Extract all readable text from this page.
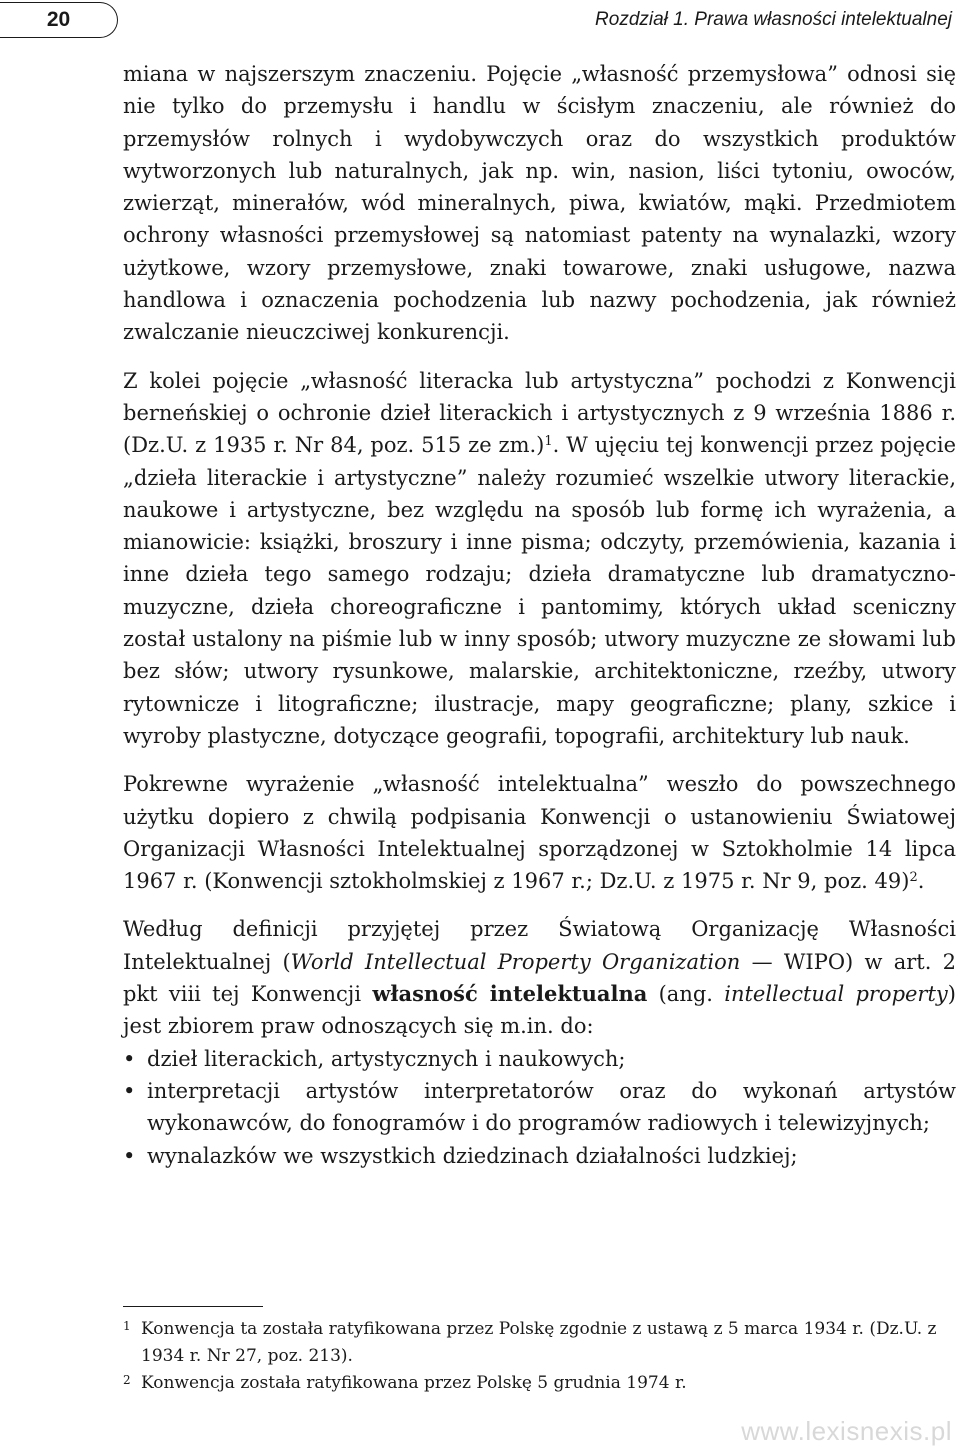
20	Rozdział 1. Prawa własności intelektualnej

miana w najszerszym znaczeniu. Pojęcie „własność przemysłowa” odnosi się nie tylko do przemysłu i handlu w ścisłym znaczeniu, ale również do przemysłów rolnych i wydobywczych oraz do wszystkich produktów wytworzonych lub naturalnych, jak np. win, nasion, liści tytoniu, owoców, zwierząt, minerałów, wód mineralnych, piwa, kwiatów, mąki. Przedmiotem ochrony własności przemysłowej są natomiast patenty na wynalazki, wzory użytkowe, wzory przemysłowe, znaki towarowe, znaki usługowe, nazwa handlowa i oznaczenia pochodzenia lub nazwy pochodzenia, jak również zwalczanie nieuczciwej konkurencji.

Z kolei pojęcie „własność literacka lub artystyczna” pochodzi z Konwencji berneńskiej o ochronie dzieł literackich i artystycznych z 9 września 1886 r. (Dz.U. z 1935 r. Nr 84, poz. 515 ze zm.)$^1$. W ujęciu tej konwencji przez pojęcie „dzieła literackie i artystyczne” należy rozumieć wszelkie utwory literackie, naukowe i artystyczne, bez względu na sposób lub formę ich wyrażenia, a mianowicie: książki, broszury i inne pisma; odczyty, przemówienia, kazania i inne dzieła tego samego rodzaju; dzieła dramatyczne lub dramatyczno-muzyczne, dzieła choreograficzne i pantomimy, których układ sceniczny został ustalony na piśmie lub w inny sposób; utwory muzyczne ze słowami lub bez słów; utwory rysunkowe, malarskie, architektoniczne, rzeźby, utwory rytownicze i litograficzne; ilustracje, mapy geograficzne; plany, szkice i wyroby plastyczne, dotyczące geografii, topografii, architektury lub nauk.

Pokrewne wyrażenie „własność intelektualna” weszło do powszechnego użytku dopiero z chwilą podpisania Konwencji o ustanowieniu Światowej Organizacji Własności Intelektualnej sporządzonej w Sztokholmie 14 lipca 1967 r. (Konwencji sztokholmskiej z 1967 r.; Dz.U. z 1975 r. Nr 9, poz. 49)$^2$.

Według definicji przyjętej przez Światową Organizację Własności Intelektualnej (World Intellectual Property Organization — WIPO) w art. 2 pkt viii tej Konwencji własność intelektualna (ang. intellectual property) jest zbiorem praw odnoszących się m.in. do:

• dzieł literackich, artystycznych i naukowych;
• interpretacji artystów interpretatorów oraz do wykonań artystów wykonawców, do fonogramów i do programów radiowych i telewizyjnych;
• wynalazków we wszystkich dziedzinach działalności ludzkiej;
1 Konwencja ta została ratyfikowana przez Polskę zgodnie z ustawą z 5 marca 1934 r. (Dz.U. z 1934 r. Nr 27, poz. 213).
2 Konwencja została ratyfikowana przez Polskę 5 grudnia 1974 r.
www.lexisnexis.pl
